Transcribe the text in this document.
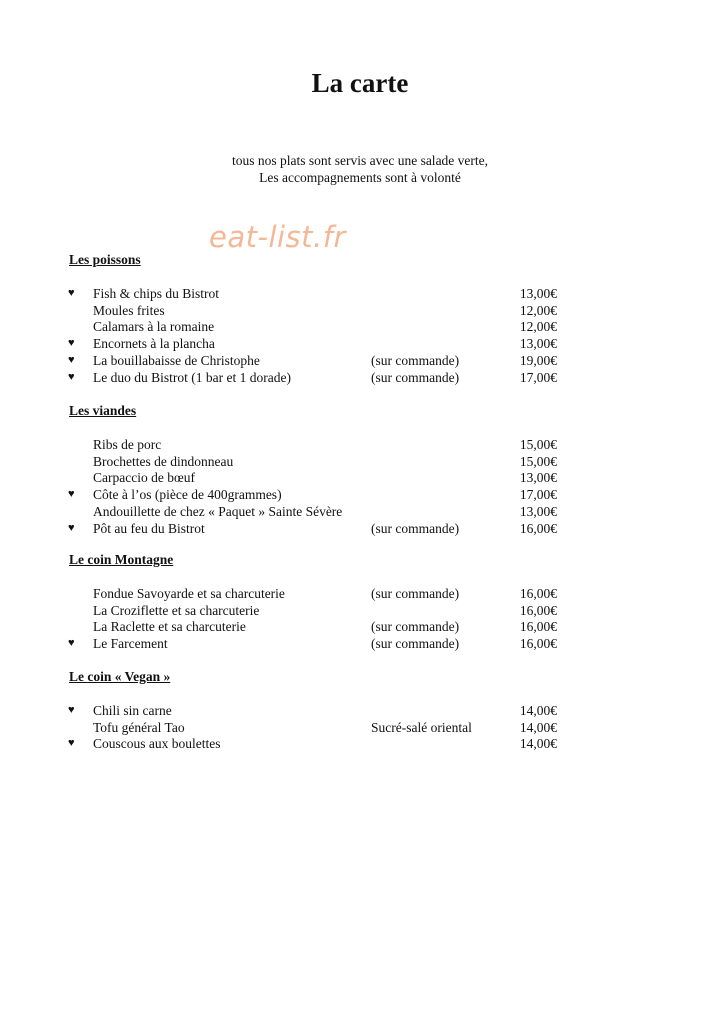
La carte
tous nos plats sont servis avec une salade verte,
Les accompagnements sont à volonté
eat-list.fr
Les poissons
♥ Fish & chips du Bistrot	13,00€
Moules frites	12,00€
Calamars à la romaine	12,00€
♥ Encornets à la plancha	13,00€
♥ La bouillabaisse de Christophe	(sur commande)	19,00€
♥ Le duo du Bistrot (1 bar et 1 dorade)	(sur commande)	17,00€
Les viandes
Ribs de porc	15,00€
Brochettes de dindonneau	15,00€
Carpaccio de bœuf	13,00€
♥ Côte à l’os (pièce de 400grammes)	17,00€
Andouillette de chez « Paquet » Sainte Sévère	13,00€
♥ Pôt au feu du Bistrot	(sur commande)	16,00€
Le coin Montagne
Fondue Savoyarde et sa charcuterie	(sur commande)	16,00€
La Croziflette et sa charcuterie	16,00€
La Raclette et sa charcuterie	(sur commande)	16,00€
♥ Le Farcement	(sur commande)	16,00€
Le coin « Vegan »
♥ Chili sin carne	14,00€
Tofu général Tao	Sucré-salé oriental	14,00€
♥ Couscous aux boulettes	14,00€
